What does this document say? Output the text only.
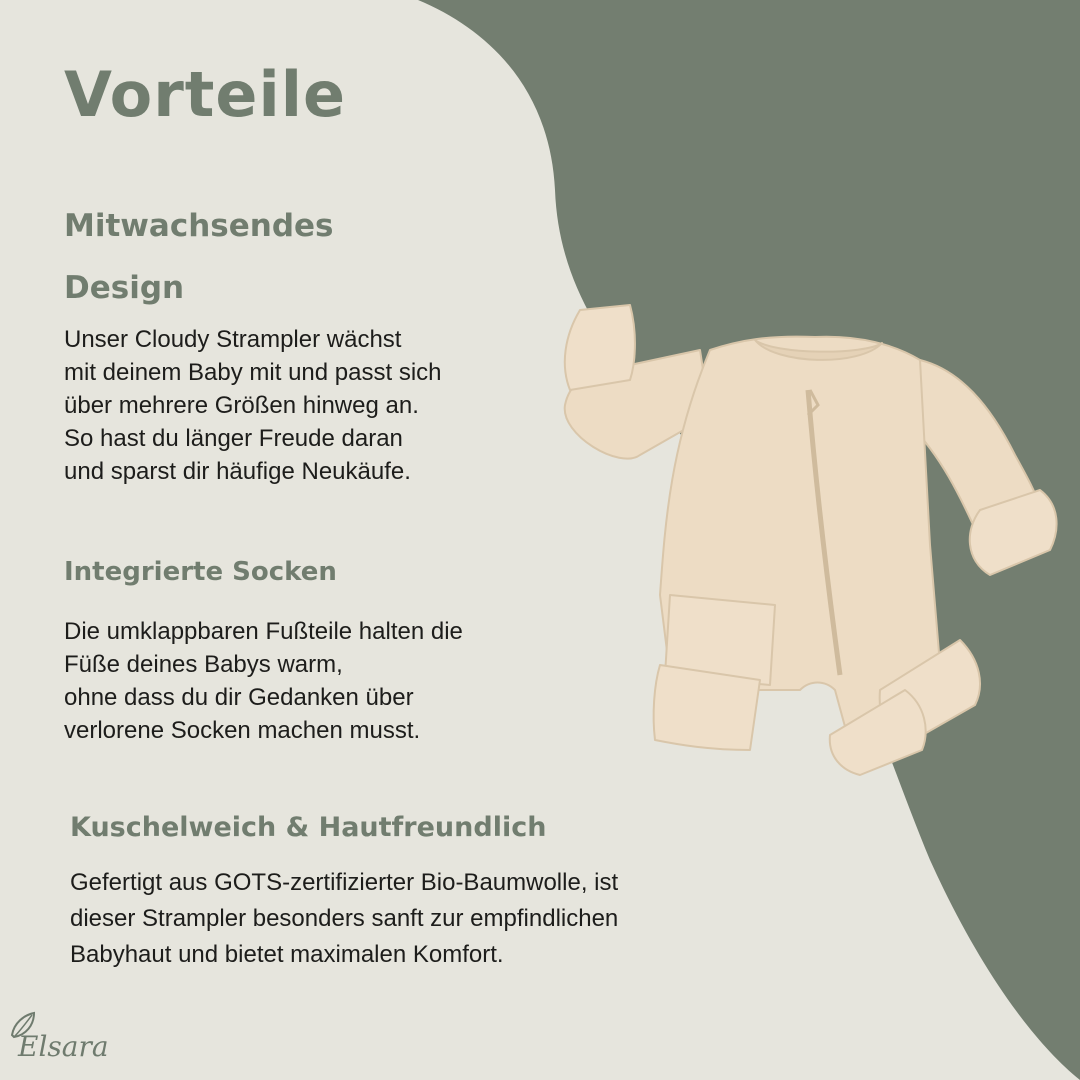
Vorteile
Mitwachsendes Design

Unser Cloudy Strampler wächst
mit deinem Baby mit und passt sich
über mehrere Größen hinweg an.
So hast du länger Freude daran
und sparst dir häufige Neukäufe.

Integrierte Socken

Die umklappbaren Fußteile halten die
Füße deines Babys warm,
ohne dass du dir Gedanken über
verlorene Socken machen musst.

Kuschelweich & Hautfreundlich

Gefertigt aus GOTS-zertifizierter Bio-Baumwolle, ist
dieser Strampler besonders sanft zur empfindlichen
Babyhaut und bietet maximalen Komfort.

Elsara
